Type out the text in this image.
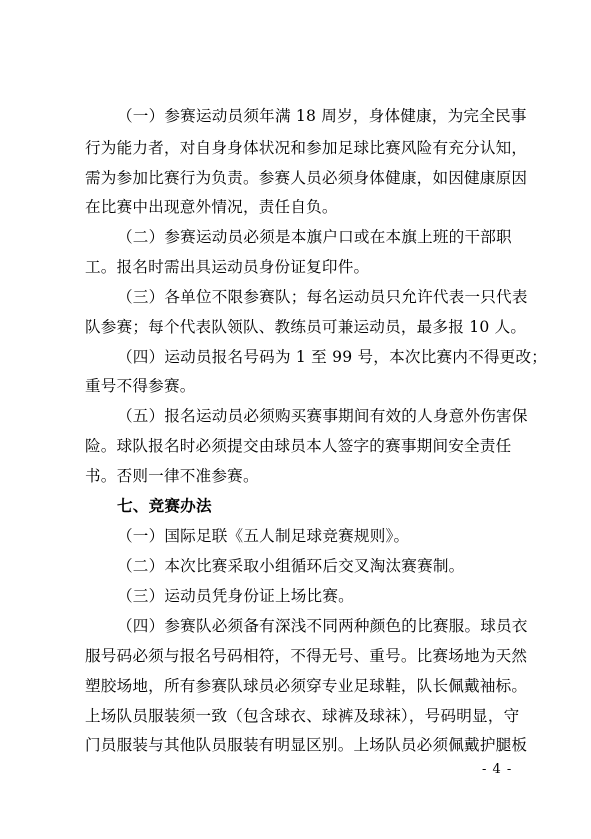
（一）参赛运动员须年满 18 周岁，身体健康，为完全民事
行为能力者，对自身身体状况和参加足球比赛风险有充分认知，
需为参加比赛行为负责。参赛人员必须身体健康，如因健康原因
在比赛中出现意外情况，责任自负。
（二）参赛运动员必须是本旗户口或在本旗上班的干部职
工。报名时需出具运动员身份证复印件。
（三）各单位不限参赛队；每名运动员只允许代表一只代表
队参赛；每个代表队领队、教练员可兼运动员，最多报 10 人。
（四）运动员报名号码为 1 至 99 号，本次比赛内不得更改；
重号不得参赛。
（五）报名运动员必须购买赛事期间有效的人身意外伤害保
险。球队报名时必须提交由球员本人签字的赛事期间安全责任
书。否则一律不准参赛。
七、竞赛办法
（一）国际足联《五人制足球竞赛规则》。
（二）本次比赛采取小组循环后交叉淘汰赛赛制。
（三）运动员凭身份证上场比赛。
（四）参赛队必须备有深浅不同两种颜色的比赛服。球员衣
服号码必须与报名号码相符，不得无号、重号。比赛场地为天然
塑胶场地，所有参赛队球员必须穿专业足球鞋，队长佩戴袖标。
上场队员服装须一致（包含球衣、球裤及球袜），号码明显，守
门员服装与其他队员服装有明显区别。上场队员必须佩戴护腿板
- 4 -
